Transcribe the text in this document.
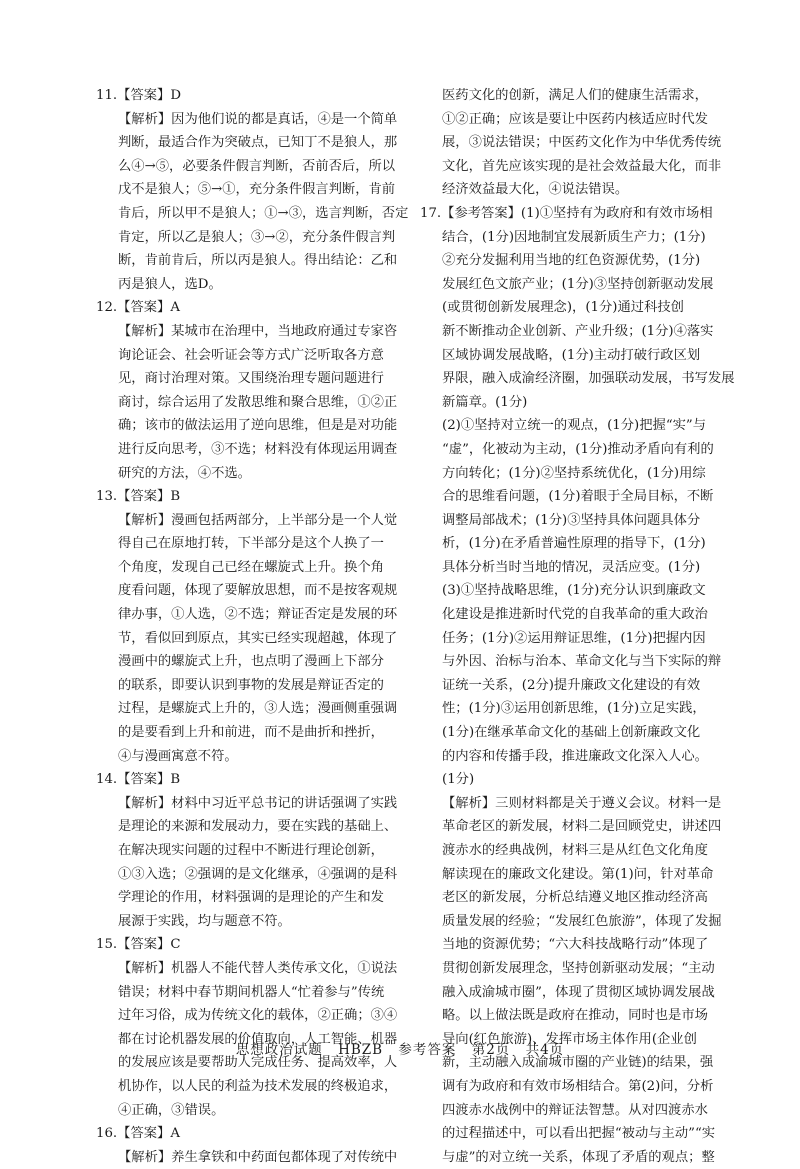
11.【答案】D
【解析】因为他们说的都是真话，④是一个简单
判断，最适合作为突破点，已知丁不是狼人，那
么④→⑤，必要条件假言判断，否前否后，所以
戊不是狼人；⑤→①，充分条件假言判断，肯前
肯后，所以甲不是狼人；①→③，选言判断，否定
肯定，所以乙是狼人；③→②，充分条件假言判
断，肯前肯后，所以丙是狼人。得出结论：乙和
丙是狼人，选D。
12.【答案】A
【解析】某城市在治理中，当地政府通过专家咨
询论证会、社会听证会等方式广泛听取各方意
见，商讨治理对策。又围绕治理专题问题进行
商讨，综合运用了发散思维和聚合思维，①②正
确；该市的做法运用了逆向思维，但是是对功能
进行反向思考，③不选；材料没有体现运用调查
研究的方法，④不选。
13.【答案】B
【解析】漫画包括两部分，上半部分是一个人觉
得自己在原地打转，下半部分是这个人换了一
个角度，发现自己已经在螺旋式上升。换个角
度看问题，体现了要解放思想，而不是按客观规
律办事，①人选，②不选；辩证否定是发展的环
节，看似回到原点，其实已经实现超越，体现了
漫画中的螺旋式上升，也点明了漫画上下部分
的联系，即要认识到事物的发展是辩证否定的
过程，是螺旋式上升的，③人选；漫画侧重强调
的是要看到上升和前进，而不是曲折和挫折，
④与漫画寓意不符。
14.【答案】B
【解析】材料中习近平总书记的讲话强调了实践
是理论的来源和发展动力，要在实践的基础上、
在解决现实问题的过程中不断进行理论创新，
①③入选；②强调的是文化继承，④强调的是科
学理论的作用，材料强调的是理论的产生和发
展源于实践，均与题意不符。
15.【答案】C
【解析】机器人不能代替人类传承文化，①说法
错误；材料中春节期间机器人“忙着参与”传统
过年习俗，成为传统文化的载体，②正确；③④
都在讨论机器发展的价值取向，人工智能、机器
的发展应该是要帮助人完成任务、提高效率，人
机协作，以人民的利益为技术发展的终极追求，
④正确，③错误。
16.【答案】A
【解析】养生拿铁和中药面包都体现了对传统中
医药文化的创新，满足人们的健康生活需求，
①②正确；应该是要让中医药内核适应时代发
展，③说法错误；中医药文化作为中华优秀传统
文化，首先应该实现的是社会效益最大化，而非
经济效益最大化，④说法错误。
17.【参考答案】(1)①坚持有为政府和有效市场相
结合，(1分)因地制宜发展新质生产力；(1分)
②充分发掘利用当地的红色资源优势，(1分)
发展红色文旅产业；(1分)③坚持创新驱动发展
(或贯彻创新发展理念)，(1分)通过科技创
新不断推动企业创新、产业升级；(1分)④落实
区域协调发展战略，(1分)主动打破行政区划
界限，融入成渝经济圈，加强联动发展，书写发展
新篇章。(1分)
(2)①坚持对立统一的观点，(1分)把握“实”与
“虚”，化被动为主动，(1分)推动矛盾向有利的
方向转化；(1分)②坚持系统优化，(1分)用综
合的思维看问题，(1分)着眼于全局目标，不断
调整局部战术；(1分)③坚持具体问题具体分
析，(1分)在矛盾普遍性原理的指导下，(1分)
具体分析当时当地的情况，灵活应变。(1分)
(3)①坚持战略思维，(1分)充分认识到廉政文
化建设是推进新时代党的自我革命的重大政治
任务；(1分)②运用辩证思维，(1分)把握内因
与外因、治标与治本、革命文化与当下实际的辩
证统一关系，(2分)提升廉政文化建设的有效
性；(1分)③运用创新思维，(1分)立足实践，
(1分)在继承革命文化的基础上创新廉政文化
的内容和传播手段，推进廉政文化深入人心。
(1分)
【解析】三则材料都是关于遵义会议。材料一是
革命老区的新发展，材料二是回顾党史，讲述四
渡赤水的经典战例，材料三是从红色文化角度
解读现在的廉政文化建设。第(1)问，针对革命
老区的新发展，分析总结遵义地区推动经济高
质量发展的经验；“发展红色旅游”，体现了发掘
当地的资源优势；“六大科技战略行动”体现了
贯彻创新发展理念，坚持创新驱动发展；“主动
融入成渝城市圈”，体现了贯彻区域协调发展战
略。以上做法既是政府在推动，同时也是市场
导向(红色旅游)、发挥市场主体作用(企业创
新，主动融入成渝城市圈的产业链)的结果，强
调有为政府和有效市场相结合。第(2)问，分析
四渡赤水战例中的辩证法智慧。从对四渡赤水
的过程描述中，可以看出把握“被动与主动”“实
与虚”的对立统一关系，体现了矛盾的观点；整
思想政治试题 HBZB 参考答案 第2页 共4页
